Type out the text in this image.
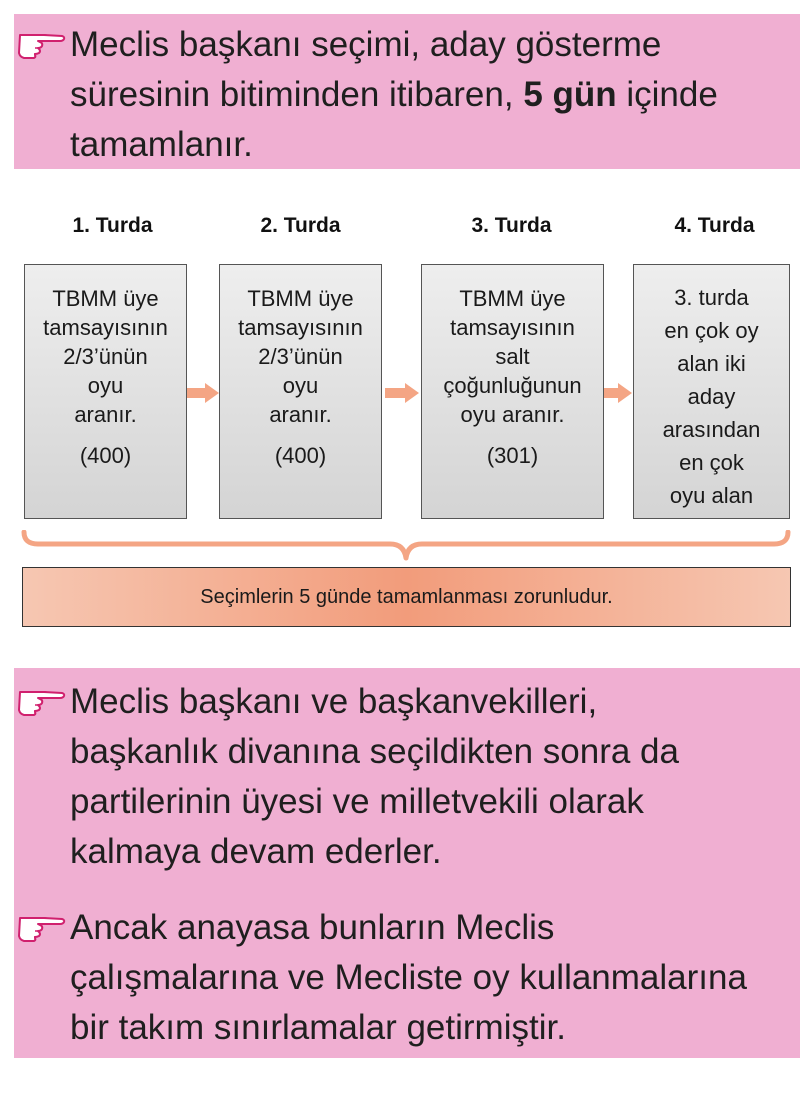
Meclis başkanı seçimi, aday gösterme
süresinin bitiminden itibaren, 5 gün içinde
tamamlanır.
1. Turda	2. Turda	3. Turda	4. Turda
TBMM üye
tamsayısının
2/3’ünün
oyu
aranır.
(400)
TBMM üye
tamsayısının
2/3’ünün
oyu
aranır.
(400)
TBMM üye
tamsayısının
salt
çoğunluğunun
oyu aranır.
(301)
3. turda
en çok oy
alan iki
aday
arasından
en çok
oyu alan
Seçimlerin 5 günde tamamlanması zorunludur.
Meclis başkanı ve başkanvekilleri,
başkanlık divanına seçildikten sonra da
partilerinin üyesi ve milletvekili olarak
kalmaya devam ederler.
Ancak anayasa bunların Meclis
çalışmalarına ve Mecliste oy kullanmalarına
bir takım sınırlamalar getirmiştir.
